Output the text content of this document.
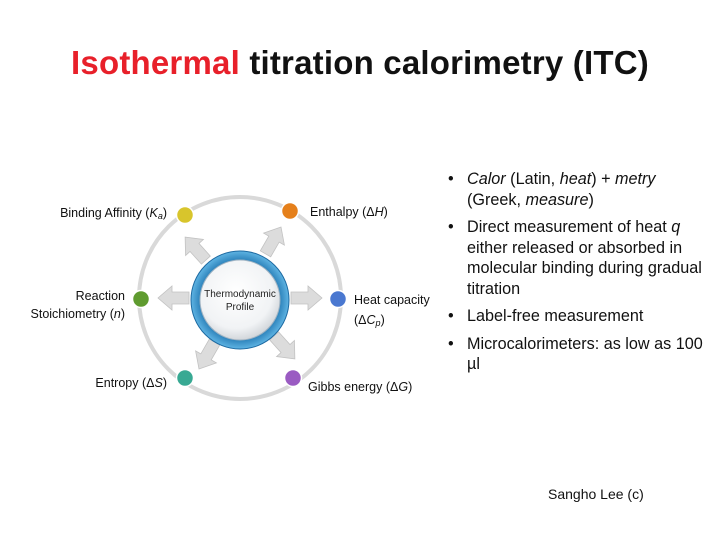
Isothermal titration calorimetry (ITC)
Thermodynamic
Profile
Binding Affinity (Ka)	Enthalpy (ΔH)
Reaction
Stoichiometry (n)
Heat capacity
(ΔCp)
Entropy (ΔS)	Gibbs energy (ΔG)
• Calor (Latin, heat) + metry (Greek, measure)
• Direct measurement of heat q either released or absorbed in molecular binding during gradual titration
• Label-free measurement
• Microcalorimeters: as low as 100 µl
Sangho Lee (c)
